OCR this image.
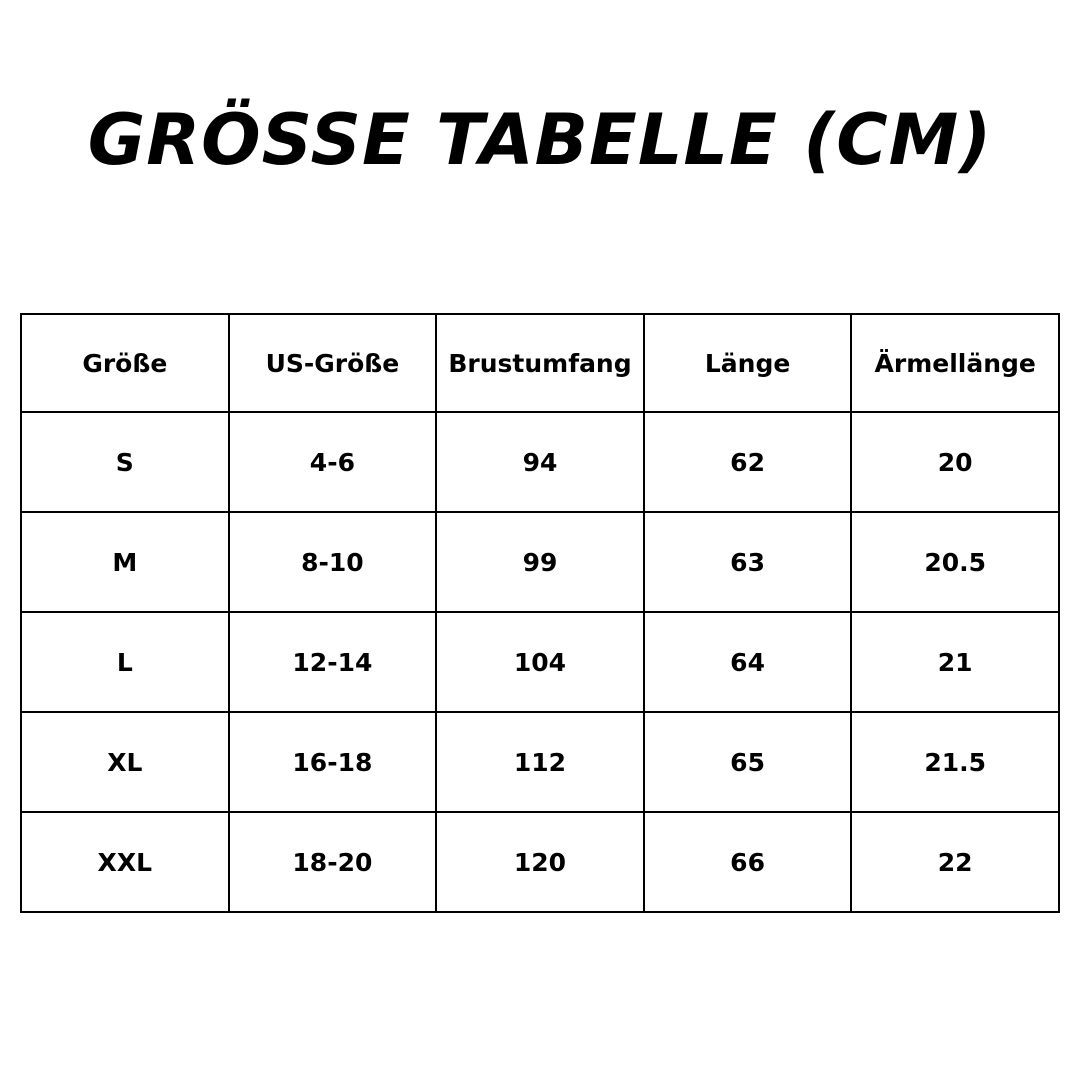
GRÖSSE TABELLE (CM)
Größe	US-Größe	Brustumfang	Länge	Ärmellänge
S	4-6	94	62	20
M	8-10	99	63	20.5
L	12-14	104	64	21
XL	16-18	112	65	21.5
XXL	18-20	120	66	22
